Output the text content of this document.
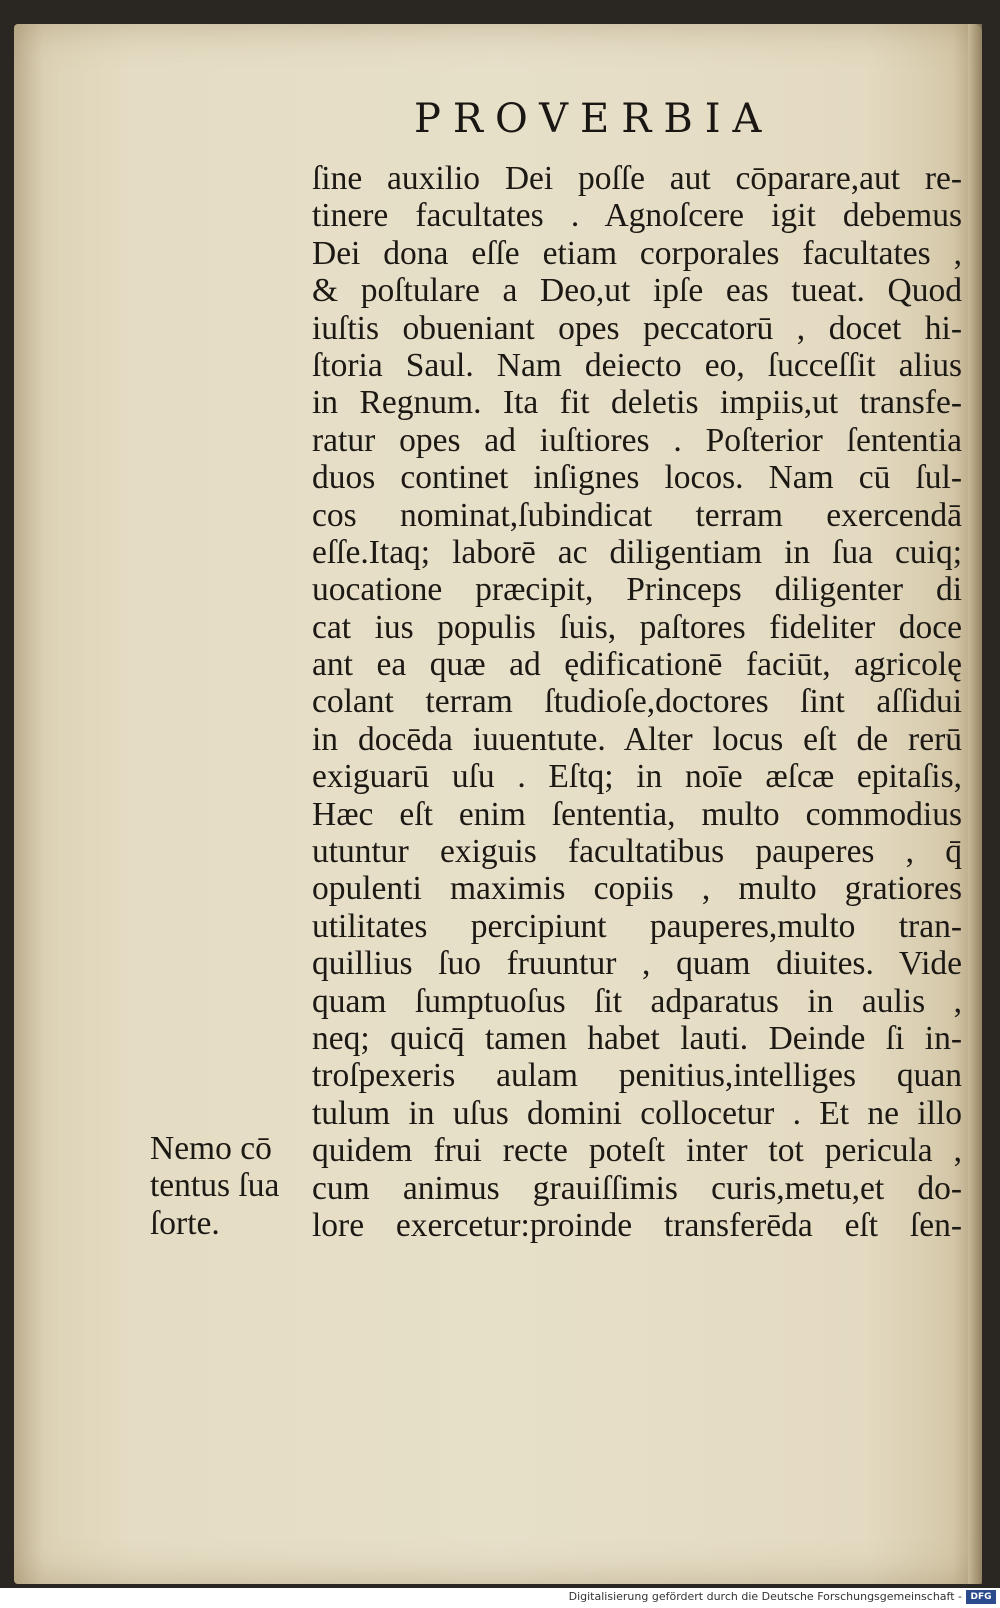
PROVERBIA
ſine auxilio Dei poſſe aut cōparare,aut re-
tinere facultates . Agnoſcere igit debemus
Dei dona eſſe etiam corporales facultates ,
& poſtulare a Deo,ut ipſe eas tueat. Quod
iuſtis obueniant opes peccatorū , docet hi-
ſtoria Saul. Nam deiecto eo, ſucceſſit alius
in Regnum. Ita fit deletis impiis,ut transfe-
ratur opes ad iuſtiores . Poſterior ſententia
duos continet inſignes locos. Nam cū ſul-
cos nominat,ſubindicat terram exercendā
eſſe.Itaq; laborē ac diligentiam in ſua cuiq;
uocatione præcipit, Princeps diligenter di
cat ius populis ſuis, paſtores fideliter doce
ant ea quæ ad ędificationē faciūt, agricolę
colant terram ſtudioſe,doctores ſint aſſidui
in docēda iuuentute. Alter locus eſt de rerū
exiguarū uſu . Eſtq; in noīe æſcæ epitaſis,
Hæc eſt enim ſententia, multo commodius
utuntur exiguis facultatibus pauperes , q̄
opulenti maximis copiis , multo gratiores
utilitates percipiunt pauperes,multo tran-
quillius ſuo fruuntur , quam diuites. Vide
quam ſumptuoſus ſit adparatus in aulis ,
neq; quicq̄ tamen habet lauti. Deinde ſi in-
troſpexeris aulam penitius,intelliges quan
tulum in uſus domini collocetur . Et ne illo
quidem frui recte poteſt inter tot pericula ,
cum animus grauiſſimis curis,metu,et do-
lore exercetur:proinde transferēda eſt ſen-
Nemo cō
tentus ſua
ſorte.
Digitalisierung gefördert durch die Deutsche Forschungsgemeinschaft - DFG
